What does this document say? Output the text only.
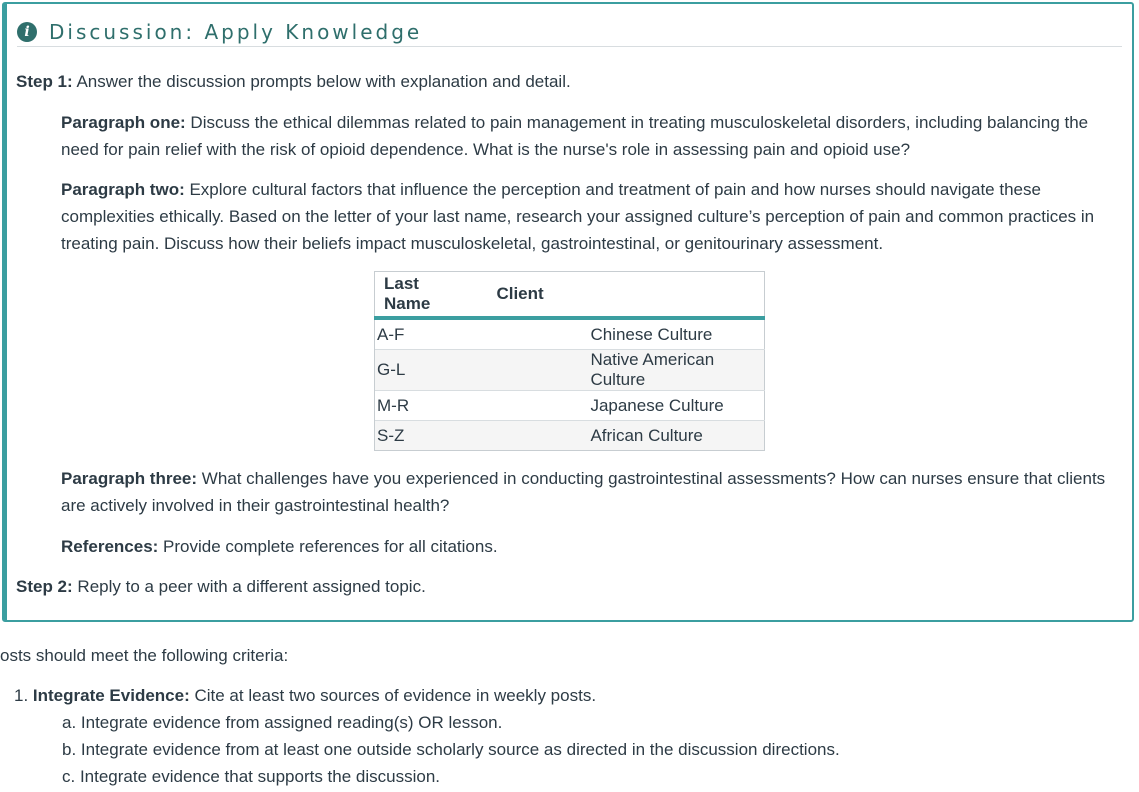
i Discussion: Apply Knowledge
Step 1: Answer the discussion prompts below with explanation and detail.
Paragraph one: Discuss the ethical dilemmas related to pain management in treating musculoskeletal disorders, including balancing the need for pain relief with the risk of opioid dependence. What is the nurse's role in assessing pain and opioid use?
Paragraph two: Explore cultural factors that influence the perception and treatment of pain and how nurses should navigate these complexities ethically. Based on the letter of your last name, research your assigned culture’s perception of pain and common practices in treating pain. Discuss how their beliefs impact musculoskeletal, gastrointestinal, or genitourinary assessment.
Last Name	Client
A-F	Chinese Culture
G-L	Native American Culture
M-R	Japanese Culture
S-Z	African Culture
Paragraph three: What challenges have you experienced in conducting gastrointestinal assessments? How can nurses ensure that clients are actively involved in their gastrointestinal health?
References: Provide complete references for all citations.
Step 2: Reply to a peer with a different assigned topic.
osts should meet the following criteria:
1. Integrate Evidence: Cite at least two sources of evidence in weekly posts.
a. Integrate evidence from assigned reading(s) OR lesson.
b. Integrate evidence from at least one outside scholarly source as directed in the discussion directions.
c. Integrate evidence that supports the discussion.
